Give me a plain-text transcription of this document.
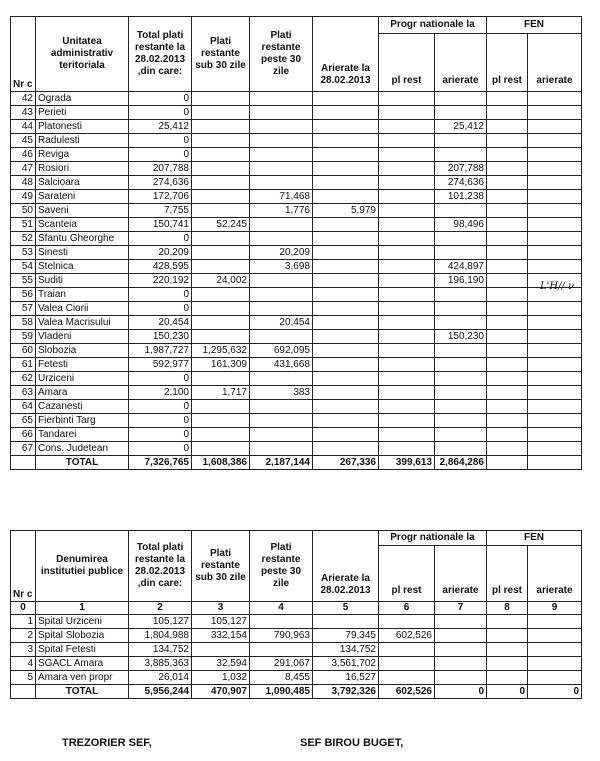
Nr c	Unitatea administrativ teritoriala	Total plati restante la 28.02.2013 ,din care:	Plati restante sub 30 zile	Plati restante peste 30 zile	Arierate la 28.02.2013	Progr nationale la		FEN	
						pl rest	arierate	pl rest	arierate
42	Ograda	0							
43	Perieti	0							
44	Platonesti	25,412					25,412		
45	Radulesti	0							
46	Reviga	0							
47	Rosiori	207,788					207,788		
48	Salcioara	274,636					274,636		
49	Sarateni	172,706		71,468			101,238		
50	Saveni	7,755		1,776	5,979				
51	Scanteia	150,741	52,245				98,496		
52	Sfantu Gheorghe	0							
53	Sinesti	20,209		20,209					
54	Stelnica	428,595		3,698			424,897		
55	Suditi	220,192	24,002				196,190		
56	Traian	0							
57	Valea Ciorii	0							
58	Valea Macrisului	20,454		20,454					
59	Vladeni	150,230					150,230		
60	Slobozia	1,987,727	1,295,632	692,095					
61	Fetesti	592,977	161,309	431,668					
62	Urziceni	0							
63	Amara	2,100	1,717	383					
64	Cazanesti	0							
65	Fierbinti Targ	0							
66	Tandarei	0							
67	Cons. Judetean	0							
	TOTAL	7,326,765	1,608,386	2,187,144	267,336	399,613	2,864,286		
L'H// ν
Nr c	Denumirea institutiei publice	Total plati restante la 28.02.2013 ,din care:	Plati restante sub 30 zile	Plati restante peste 30 zile	Arierate la 28.02.2013	Progr nationale la		FEN	
						pl rest	arierate	pl rest	arierate
0	1	2	3	4	5	6	7	8	9
1	Spital Urziceni	105,127	105,127						
2	Spital Slobozia	1,804,988	332,154	790,963	79,345	602,526			
3	Spital Fetesti	134,752			134,752				
4	SGACL Amara	3,885,363	32,594	291,067	3,561,702				
5	Amara ven propr	26,014	1,032	8,455	16,527				
	TOTAL	5,956,244	470,907	1,090,485	3,792,326	602,526	0	0	0
TREZORIER SEF,	SEF BIROU BUGET,
